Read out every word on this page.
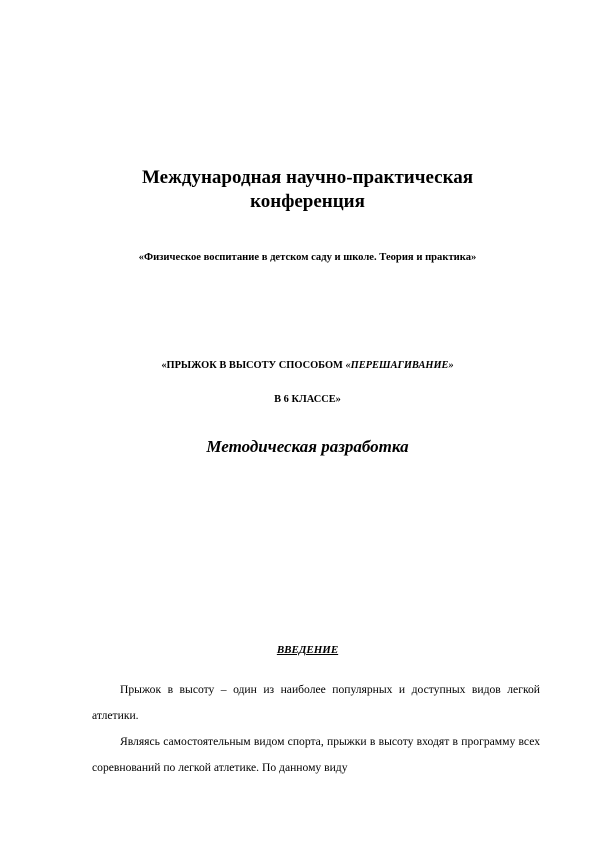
Международная научно-практическая
конференция
«Физическое воспитание в детском саду и школе. Теория и практика»
«ПРЫЖОК В ВЫСОТУ СПОСОБОМ «ПЕРЕШАГИВАНИЕ»
В 6 КЛАССЕ»
Методическая разработка
ВВЕДЕНИЕ

Прыжок в высоту – один из наиболее популярных и доступных видов легкой атлетики.

Являясь самостоятельным видом спорта, прыжки в высоту входят в программу всех соревнований по легкой атлетике. По данному виду
